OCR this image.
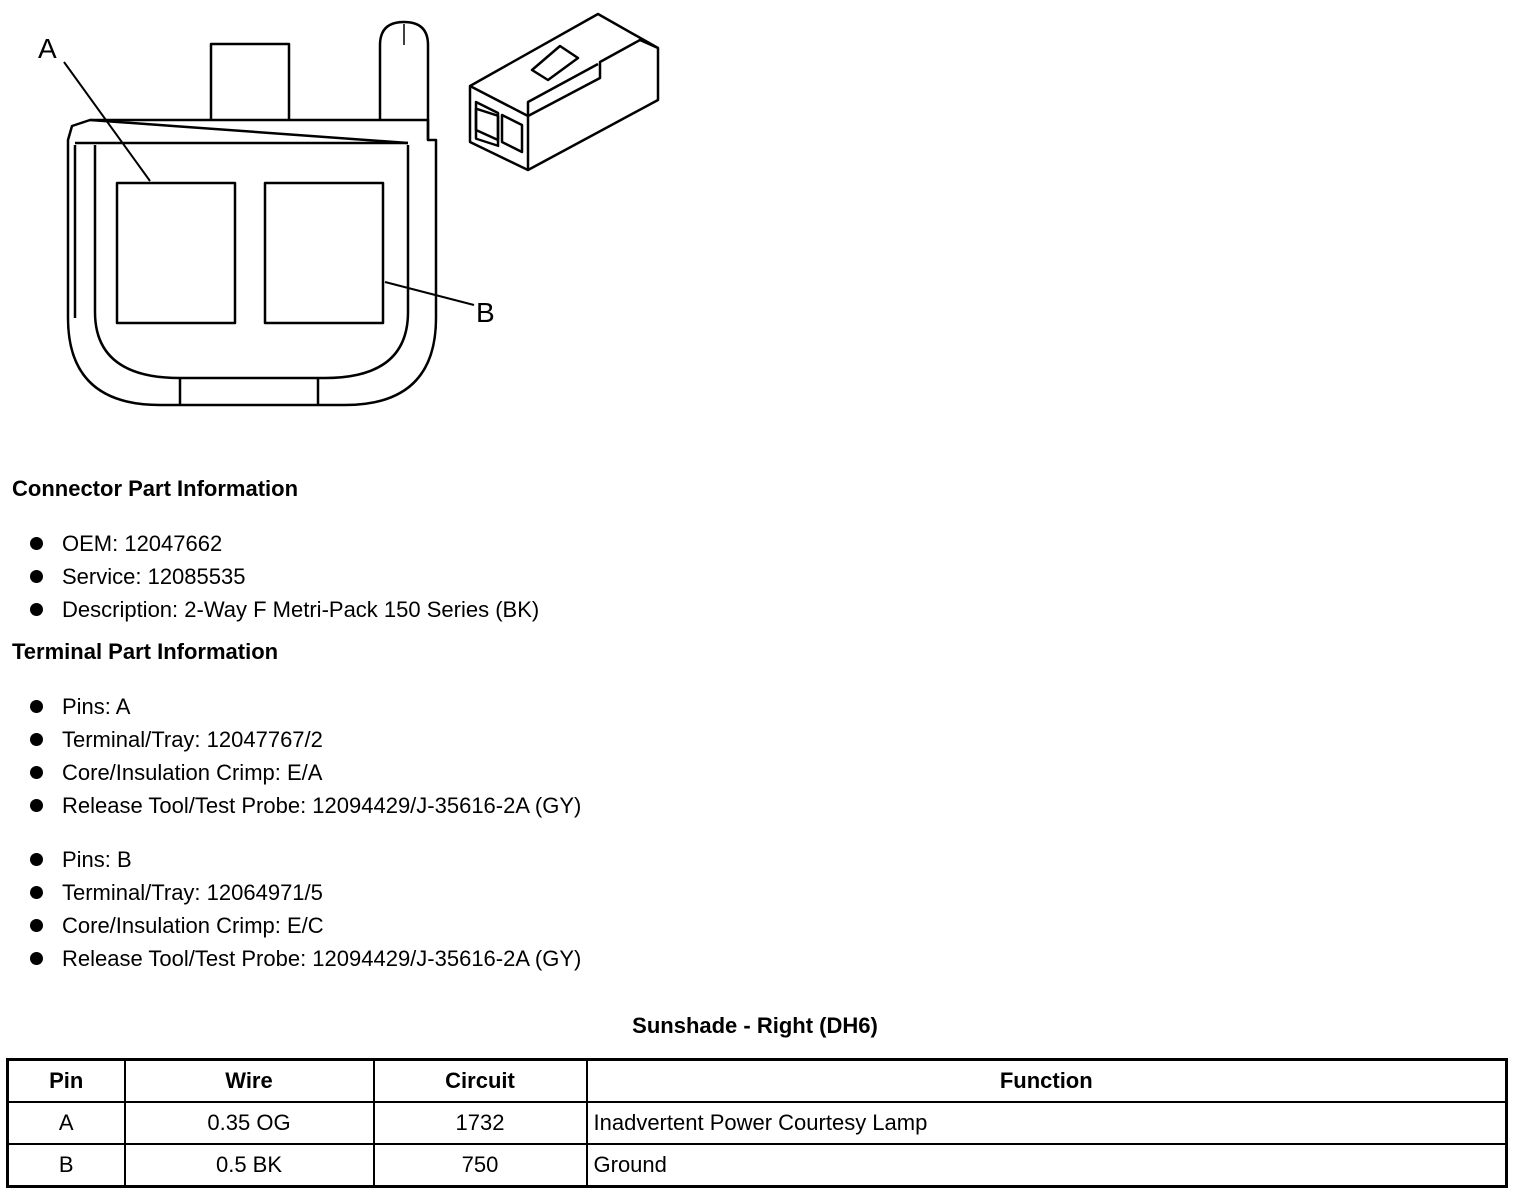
A
B
Connector Part Information
OEM: 12047662
Service: 12085535
Description: 2-Way F Metri-Pack 150 Series (BK)
Terminal Part Information
Pins: A
Terminal/Tray: 12047767/2
Core/Insulation Crimp: E/A
Release Tool/Test Probe: 12094429/J-35616-2A (GY)
Pins: B
Terminal/Tray: 12064971/5
Core/Insulation Crimp: E/C
Release Tool/Test Probe: 12094429/J-35616-2A (GY)
Sunshade - Right (DH6)
Pin	Wire	Circuit	Function
A	0.35 OG	1732	Inadvertent Power Courtesy Lamp
B	0.5 BK	750	Ground
